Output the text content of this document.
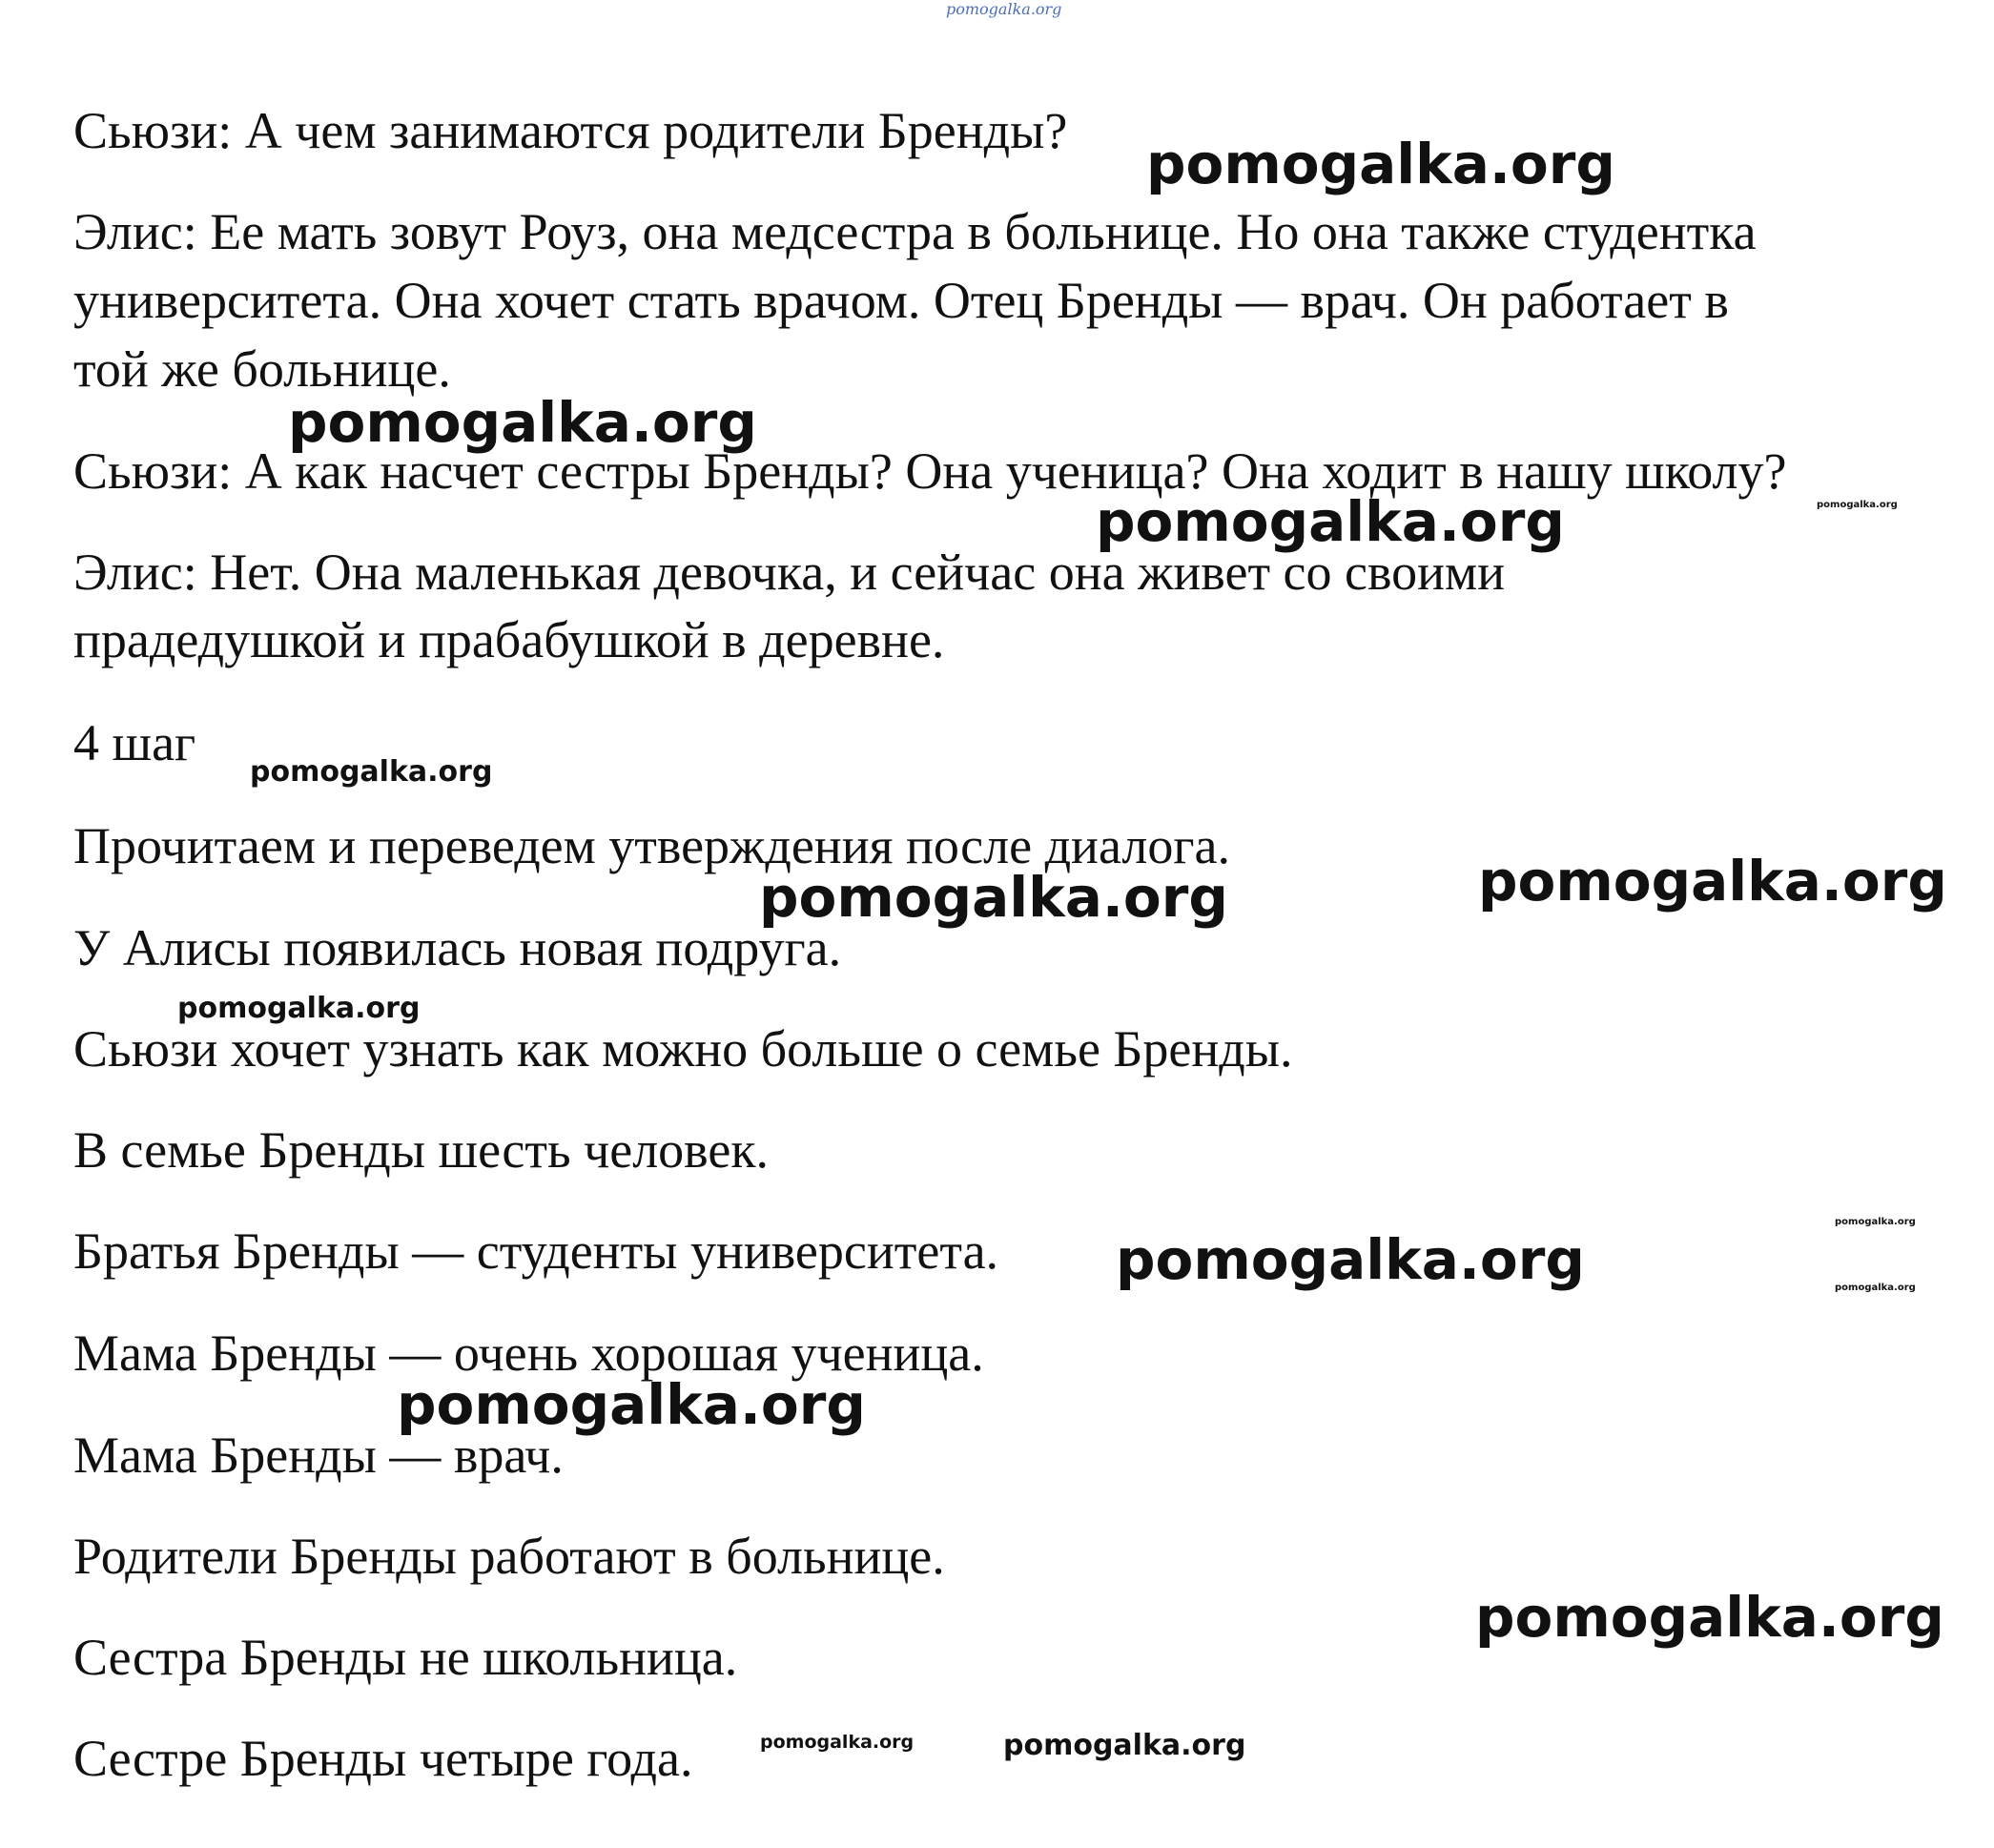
Сьюзи: А чем занимаются родители Бренды?

Элис: Ее мать зовут Роуз, она медсестра в больнице. Но она также студентка

университета. Она хочет стать врачом. Отец Бренды — врач. Он работает в

той же больнице.

Сьюзи: А как насчет сестры Бренды? Она ученица? Она ходит в нашу школу?

Элис: Нет. Она маленькая девочка, и сейчас она живет со своими

прадедушкой и прабабушкой в деревне.

4 шаг

Прочитаем и переведем утверждения после диалога.

У Алисы появилась новая подруга.

Сьюзи хочет узнать как можно больше о семье Бренды.

В семье Бренды шесть человек.

Братья Бренды — студенты университета.

Мама Бренды — очень хорошая ученица.

Мама Бренды — врач.

Родители Бренды работают в больнице.

Сестра Бренды не школьница.

Сестре Бренды четыре года.

pomogalka.org
pomogalka.org
pomogalka.org
pomogalka.org	pomogalka.org
pomogalka.org
pomogalka.org
pomogalka.org
pomogalka.org
pomogalka.org
pomogalka.org	pomogalka.org
pomogalka.org
pomogalka.org
pomogalka.org	pomogalka.org
